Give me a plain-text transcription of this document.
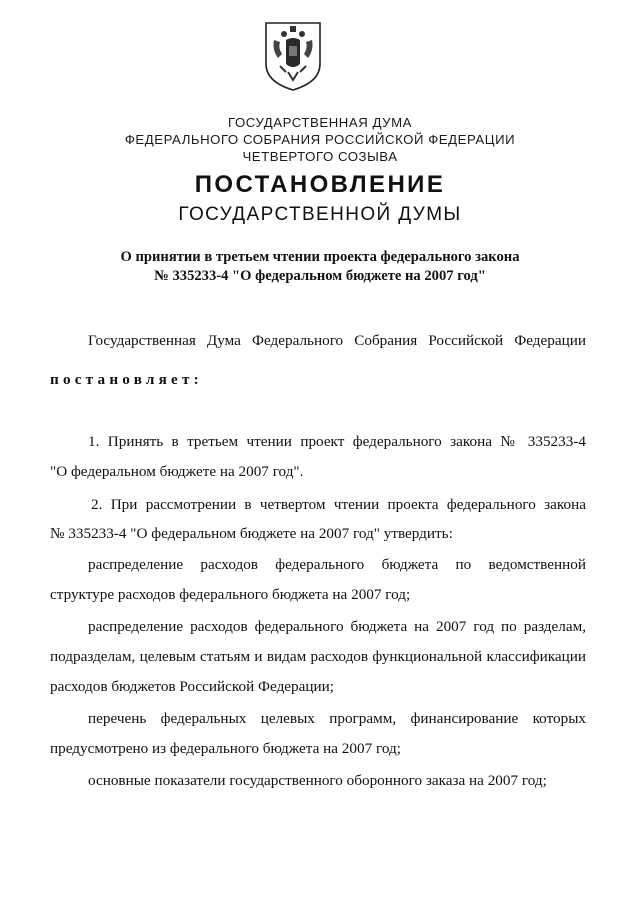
ГОСУДАРСТВЕННАЯ ДУМА
ФЕДЕРАЛЬНОГО СОБРАНИЯ РОССИЙСКОЙ ФЕДЕРАЦИИ
ЧЕТВЕРТОГО СОЗЫВА
ПОСТАНОВЛЕНИЕ
ГОСУДАРСТВЕННОЙ ДУМЫ
О принятии в третьем чтении проекта федерального закона
№ 335233-4 "О федеральном бюджете на 2007 год"
Государственная Дума Федерального Собрания Российской Федерации
постановляет:
1. Принять в третьем чтении проект федерального закона № 335233-4
"О федеральном бюджете на 2007 год".
2. При рассмотрении в четвертом чтении проекта федерального закона
№ 335233-4 "О федеральном бюджете на 2007 год" утвердить:
распределение расходов федерального бюджета по ведомственной
структуре расходов федерального бюджета на 2007 год;
распределение расходов федерального бюджета на 2007 год по разделам,
подразделам, целевым статьям и видам расходов функциональной классификации
расходов бюджетов Российской Федерации;
перечень федеральных целевых программ, финансирование которых
предусмотрено из федерального бюджета на 2007 год;
основные показатели государственного оборонного заказа на 2007 год;
